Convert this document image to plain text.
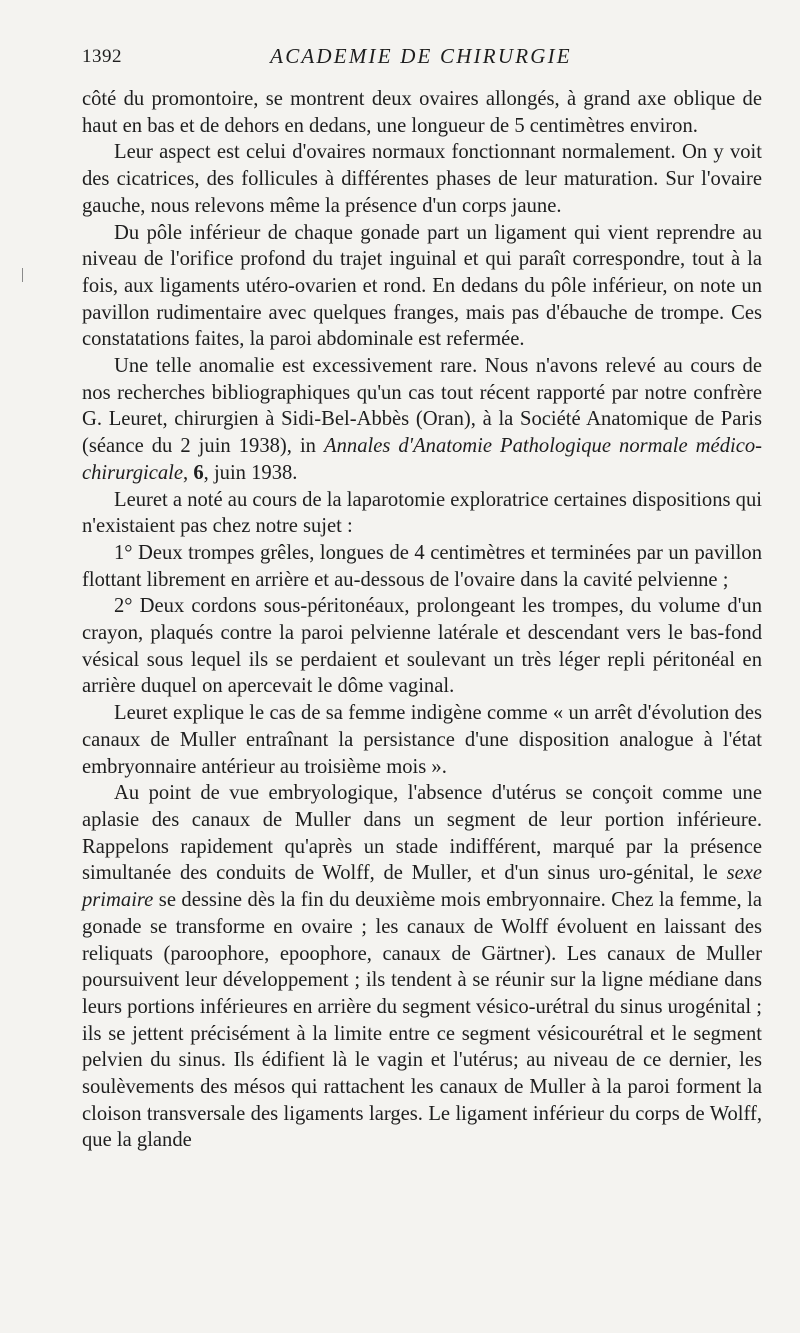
1392	ACADEMIE DE CHIRURGIE

côté du promontoire, se montrent deux ovaires allongés, à grand axe oblique de haut en bas et de dehors en dedans, une longueur de 5 centimètres environ.

Leur aspect est celui d'ovaires normaux fonctionnant normalement. On y voit des cicatrices, des follicules à différentes phases de leur maturation. Sur l'ovaire gauche, nous relevons même la présence d'un corps jaune.

Du pôle inférieur de chaque gonade part un ligament qui vient reprendre au niveau de l'orifice profond du trajet inguinal et qui paraît correspondre, tout à la fois, aux ligaments utéro-ovarien et rond. En dedans du pôle inférieur, on note un pavillon rudimentaire avec quelques franges, mais pas d'ébauche de trompe. Ces constatations faites, la paroi abdominale est refermée.

Une telle anomalie est excessivement rare. Nous n'avons relevé au cours de nos recherches bibliographiques qu'un cas tout récent rapporté par notre confrère G. Leuret, chirurgien à Sidi-Bel-Abbès (Oran), à la Société Anatomique de Paris (séance du 2 juin 1938), in Annales d'Anatomie Pathologique normale médico-chirurgicale, 6, juin 1938.

Leuret a noté au cours de la laparotomie exploratrice certaines dispositions qui n'existaient pas chez notre sujet :

1° Deux trompes grêles, longues de 4 centimètres et terminées par un pavillon flottant librement en arrière et au-dessous de l'ovaire dans la cavité pelvienne ;

2° Deux cordons sous-péritonéaux, prolongeant les trompes, du volume d'un crayon, plaqués contre la paroi pelvienne latérale et descendant vers le bas-fond vésical sous lequel ils se perdaient et soulevant un très léger repli péritonéal en arrière duquel on apercevait le dôme vaginal.

Leuret explique le cas de sa femme indigène comme « un arrêt d'évolution des canaux de Muller entraînant la persistance d'une disposition analogue à l'état embryonnaire antérieur au troisième mois ».

Au point de vue embryologique, l'absence d'utérus se conçoit comme une aplasie des canaux de Muller dans un segment de leur portion inférieure. Rappelons rapidement qu'après un stade indifférent, marqué par la présence simultanée des conduits de Wolff, de Muller, et d'un sinus uro-génital, le sexe primaire se dessine dès la fin du deuxième mois embryonnaire. Chez la femme, la gonade se transforme en ovaire ; les canaux de Wolff évoluent en laissant des reliquats (paroophore, epoophore, canaux de Gärtner). Les canaux de Muller poursuivent leur développement ; ils tendent à se réunir sur la ligne médiane dans leurs portions inférieures en arrière du segment vésico-urétral du sinus urogénital ; ils se jettent précisément à la limite entre ce segment vésicourétral et le segment pelvien du sinus. Ils édifient là le vagin et l'utérus; au niveau de ce dernier, les soulèvements des mésos qui rattachent les canaux de Muller à la paroi forment la cloison transversale des ligaments larges. Le ligament inférieur du corps de Wolff, que la glande
